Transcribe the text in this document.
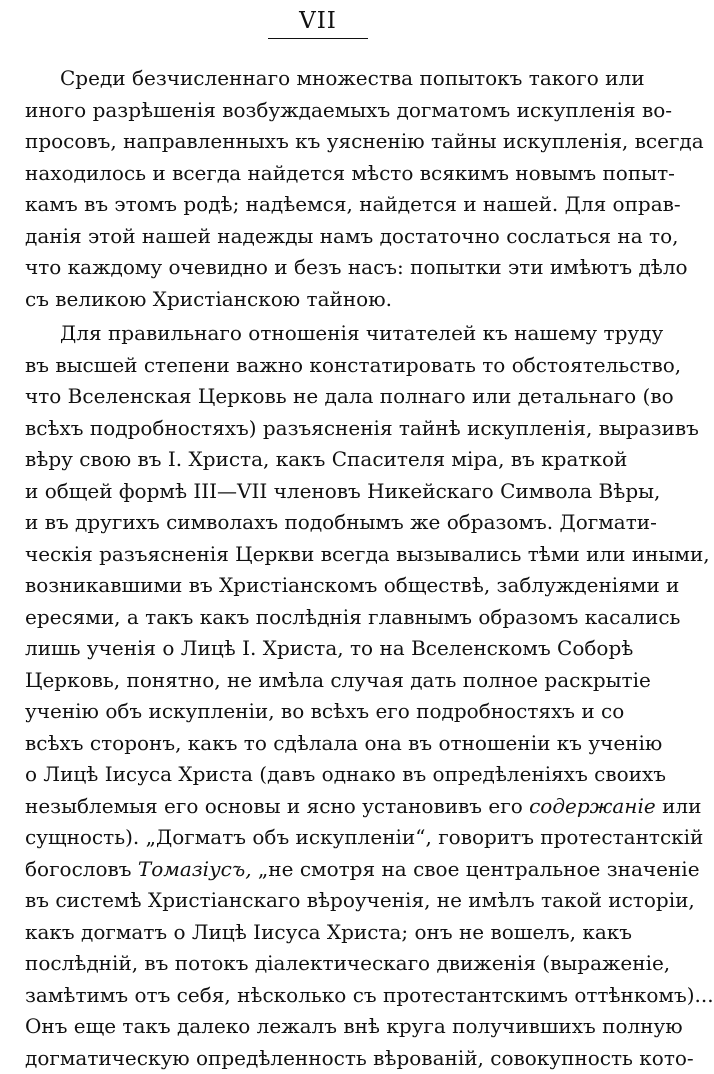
VII
Среди безчисленнаго множества попытокъ такого или
иного разрѣшенія возбуждаемыхъ догматомъ искупленія во-
просовъ, направленныхъ къ уясненію тайны искупленія, всегда
находилось и всегда найдется мѣсто всякимъ новымъ попыт-
камъ въ этомъ родѣ; надѣемся, найдется и нашей. Для оправ-
данія этой нашей надежды намъ достаточно сослаться на то,
что каждому очевидно и безъ насъ: попытки эти имѣютъ дѣло
съ великою Христіанскою тайною.
Для правильнаго отношенія читателей къ нашему труду
въ высшей степени важно констатировать то обстоятельство,
что Вселенская Церковь не дала полнаго или детальнаго (во
всѣхъ подробностяхъ) разъясненія тайнѣ искупленія, выразивъ
вѣру свою въ І. Христа, какъ Спасителя міра, въ краткой
и общей формѣ III—VII членовъ Никейскаго Символа Вѣры,
и въ другихъ символахъ подобнымъ же образомъ. Догмати-
ческія разъясненія Церкви всегда вызывались тѣми или иными,
возникавшими въ Христіанскомъ обществѣ, заблужденіями и
ересями, а такъ какъ послѣднія главнымъ образомъ касались
лишь ученія о Лицѣ І. Христа, то на Вселенскомъ Соборѣ
Церковь, понятно, не имѣла случая дать полное раскрытіе
ученію объ искупленіи, во всѣхъ его подробностяхъ и со
всѣхъ сторонъ, какъ то сдѣлала она въ отношеніи къ ученію
о Лицѣ Іисуса Христа (давъ однако въ опредѣленіяхъ своихъ
незыблемыя его основы и ясно установивъ его содержаніе или
сущность). „Догматъ объ искупленіи“, говоритъ протестантскій
богословъ Томазіусъ, „не смотря на свое центральное значеніе
въ системѣ Христіанскаго вѣроученія, не имѣлъ такой исторіи,
какъ догматъ о Лицѣ Іисуса Христа; онъ не вошелъ, какъ
послѣдній, въ потокъ діалектическаго движенія (выраженіе,
замѣтимъ отъ себя, нѣсколько съ протестантскимъ оттѣнкомъ)...
Онъ еще такъ далеко лежалъ внѣ круга получившихъ полную
догматическую опредѣленность вѣрованій, совокупность кото-
